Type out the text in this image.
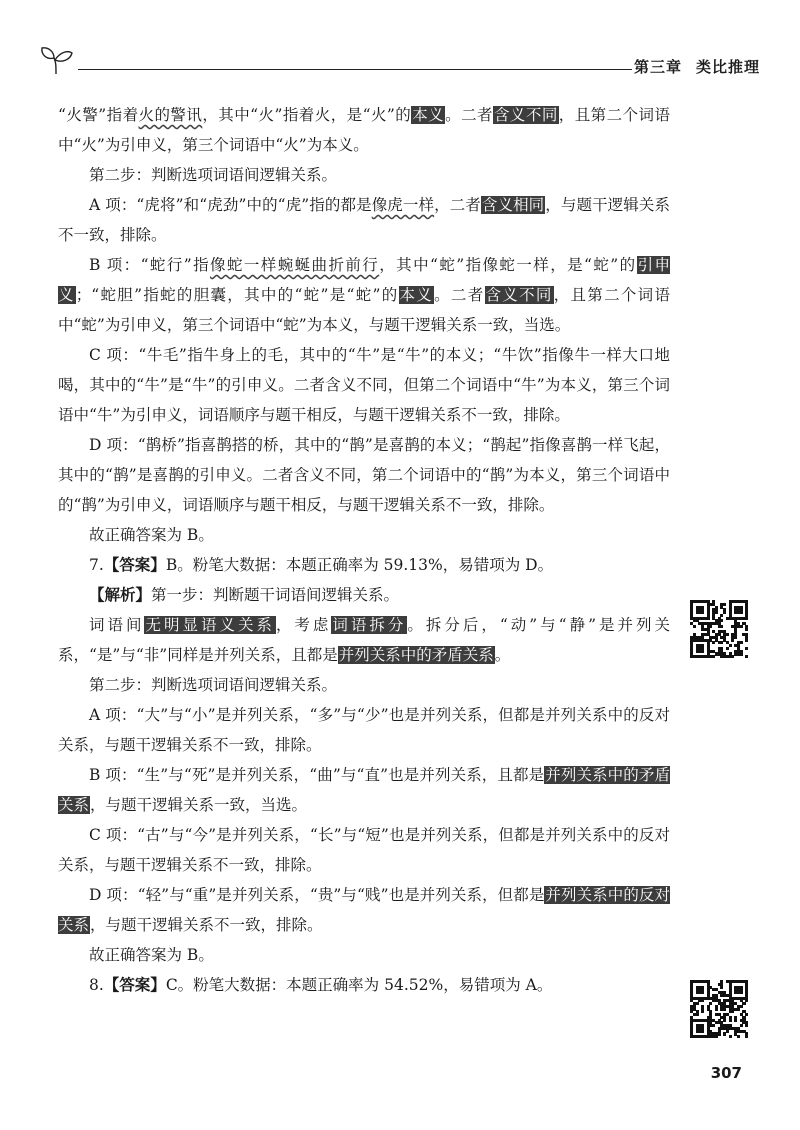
第三章 类比推理

“火警”指着火的警讯，其中“火”指着火，是“火”的本义。二者含义不同，且第二个词语中“火”为引申义，第三个词语中“火”为本义。

第二步：判断选项词语间逻辑关系。

A 项：“虎将”和“虎劲”中的“虎”指的都是像虎一样，二者含义相同，与题干逻辑关系不一致，排除。

B 项：“蛇行”指像蛇一样蜿蜒曲折前行，其中“蛇”指像蛇一样，是“蛇”的引申义；“蛇胆”指蛇的胆囊，其中的“蛇”是“蛇”的本义。二者含义不同，且第二个词语中“蛇”为引申义，第三个词语中“蛇”为本义，与题干逻辑关系一致，当选。

C 项：“牛毛”指牛身上的毛，其中的“牛”是“牛”的本义；“牛饮”指像牛一样大口地喝，其中的“牛”是“牛”的引申义。二者含义不同，但第二个词语中“牛”为本义，第三个词语中“牛”为引申义，词语顺序与题干相反，与题干逻辑关系不一致，排除。

D 项：“鹊桥”指喜鹊搭的桥，其中的“鹊”是喜鹊的本义；“鹊起”指像喜鹊一样飞起，其中的“鹊”是喜鹊的引申义。二者含义不同，第二个词语中的“鹊”为本义，第三个词语中的“鹊”为引申义，词语顺序与题干相反，与题干逻辑关系不一致，排除。

故正确答案为 B。

7.【答案】B。粉笔大数据：本题正确率为 59.13%，易错项为 D。

【解析】第一步：判断题干词语间逻辑关系。

词语间无明显语义关系，考虑词语拆分。拆分后，“动”与“静”是并列关系，“是”与“非”同样是并列关系，且都是并列关系中的矛盾关系。

第二步：判断选项词语间逻辑关系。

A 项：“大”与“小”是并列关系，“多”与“少”也是并列关系，但都是并列关系中的反对关系，与题干逻辑关系不一致，排除。

B 项：“生”与“死”是并列关系，“曲”与“直”也是并列关系，且都是并列关系中的矛盾关系，与题干逻辑关系一致，当选。

C 项：“古”与“今”是并列关系，“长”与“短”也是并列关系，但都是并列关系中的反对关系，与题干逻辑关系不一致，排除。

D 项：“轻”与“重”是并列关系，“贵”与“贱”也是并列关系，但都是并列关系中的反对关系，与题干逻辑关系不一致，排除。

故正确答案为 B。

8.【答案】C。粉笔大数据：本题正确率为 54.52%，易错项为 A。

307
